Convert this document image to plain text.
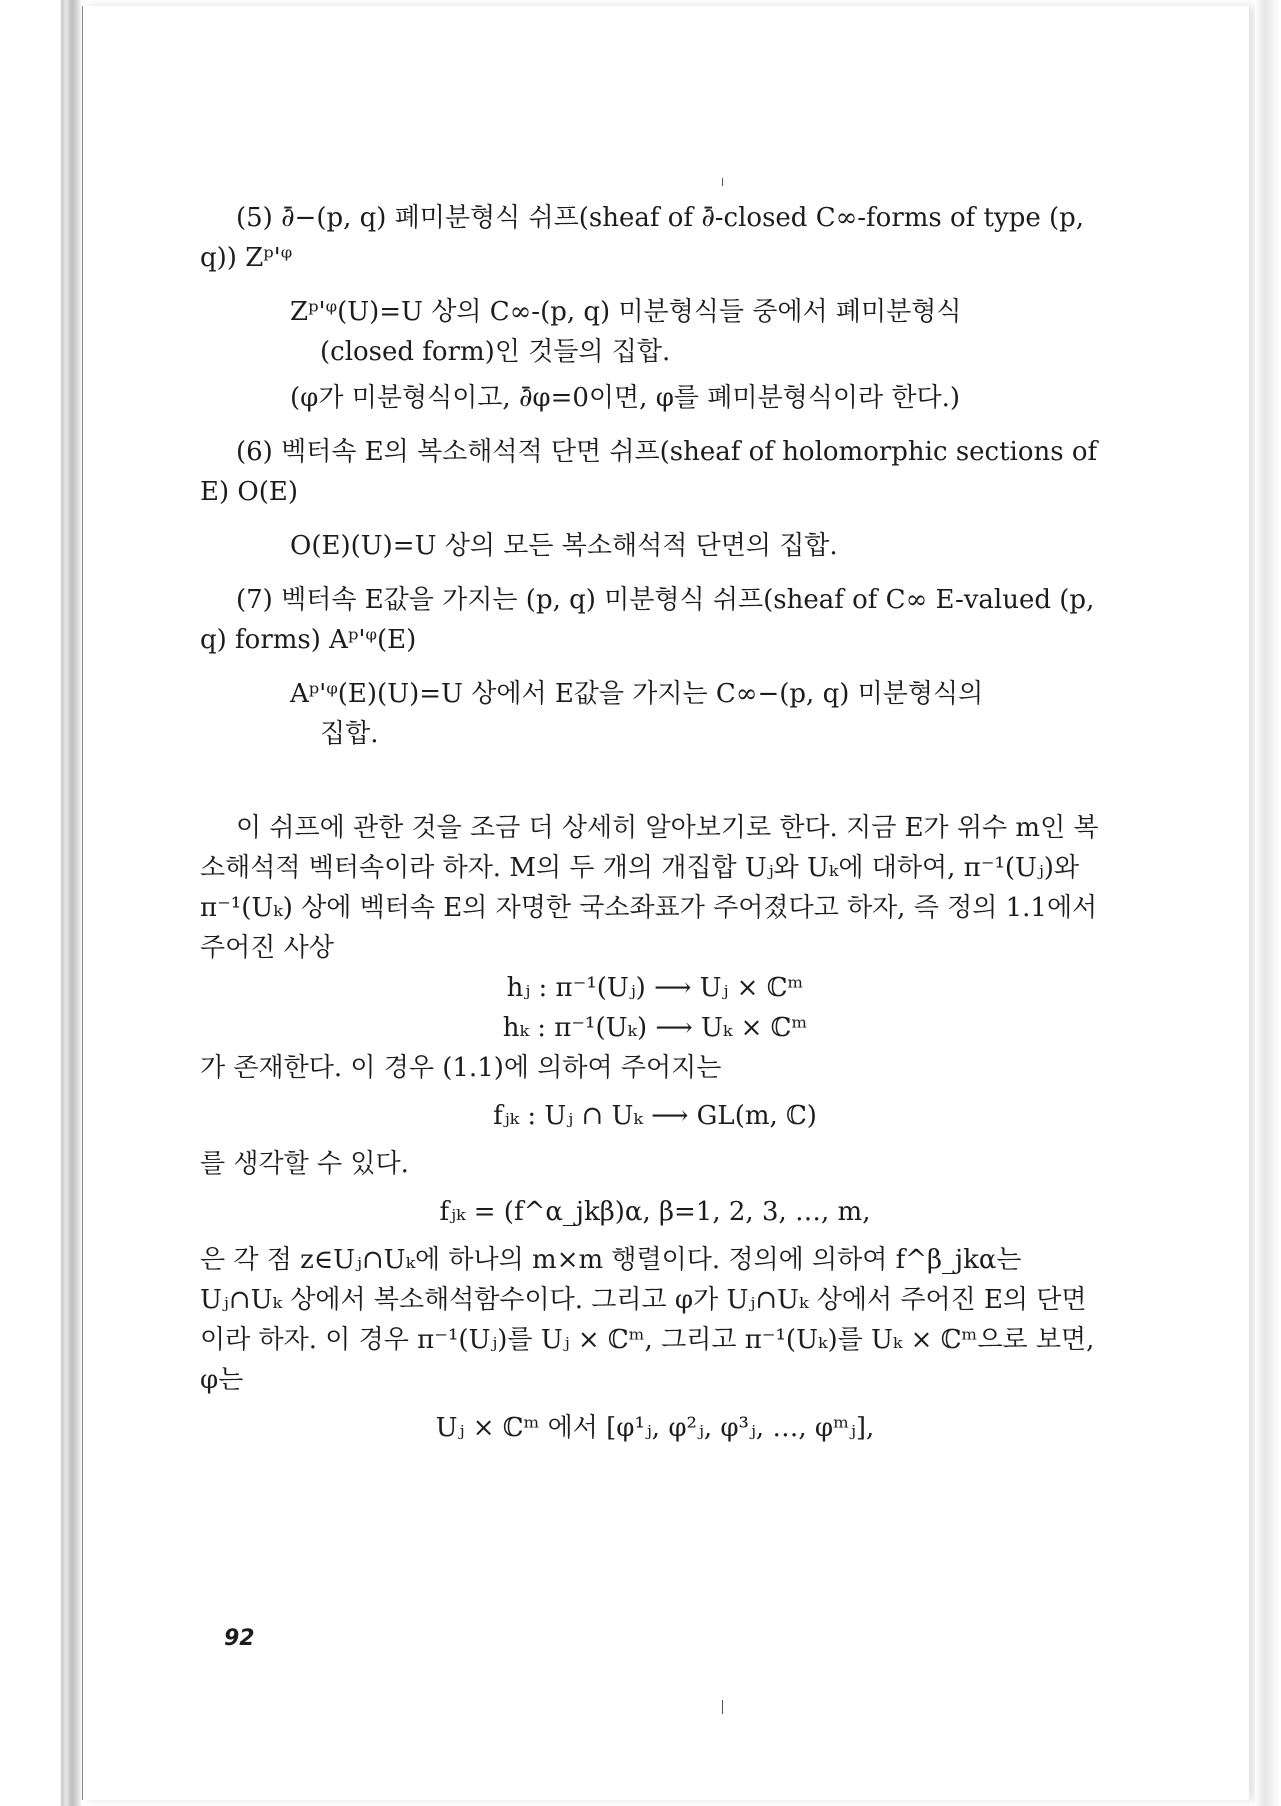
(5) ∂̄−(p, q) 폐미분형식 쉬프(sheaf of ∂̄-closed C∞-forms of type (p, q)) Zᵖ'ᵠ

Zᵖ'ᵠ(U)=U 상의 C∞-(p, q) 미분형식들 중에서 폐미분형식

(closed form)인 것들의 집합.

(φ가 미분형식이고, ∂̄φ=0이면, φ를 폐미분형식이라 한다.)

(6) 벡터속 E의 복소해석적 단면 쉬프(sheaf of holomorphic sections of E) O(E)

O(E)(U)=U 상의 모든 복소해석적 단면의 집합.

(7) 벡터속 E값을 가지는 (p, q) 미분형식 쉬프(sheaf of C∞ E-valued (p, q) forms) Aᵖ'ᵠ(E)

Aᵖ'ᵠ(E)(U)=U 상에서 E값을 가지는 C∞−(p, q) 미분형식의

집합.

이 쉬프에 관한 것을 조금 더 상세히 알아보기로 한다. 지금 E가 위수 m인 복소해석적 벡터속이라 하자. M의 두 개의 개집합 Uⱼ와 Uₖ에 대하여, π⁻¹(Uⱼ)와 π⁻¹(Uₖ) 상에 벡터속 E의 자명한 국소좌표가 주어졌다고 하자, 즉 정의 1.1에서 주어진 사상

hⱼ : π⁻¹(Uⱼ) ⟶ Uⱼ × ℂᵐ

hₖ : π⁻¹(Uₖ) ⟶ Uₖ × ℂᵐ

가 존재한다. 이 경우 (1.1)에 의하여 주어지는

fⱼₖ : Uⱼ ∩ Uₖ ⟶ GL(m, ℂ)

를 생각할 수 있다.

fⱼₖ = (f^α_jkβ)α, β=1, 2, 3, …, m,

은 각 점 z∈Uⱼ∩Uₖ에 하나의 m×m 행렬이다. 정의에 의하여 f^β_jkα는 Uⱼ∩Uₖ 상에서 복소해석함수이다. 그리고 φ가 Uⱼ∩Uₖ 상에서 주어진 E의 단면이라 하자. 이 경우 π⁻¹(Uⱼ)를 Uⱼ × ℂᵐ, 그리고 π⁻¹(Uₖ)를 Uₖ × ℂᵐ으로 보면, φ는

Uⱼ × ℂᵐ 에서 [φ¹ⱼ, φ²ⱼ, φ³ⱼ, …, φᵐⱼ],

92
